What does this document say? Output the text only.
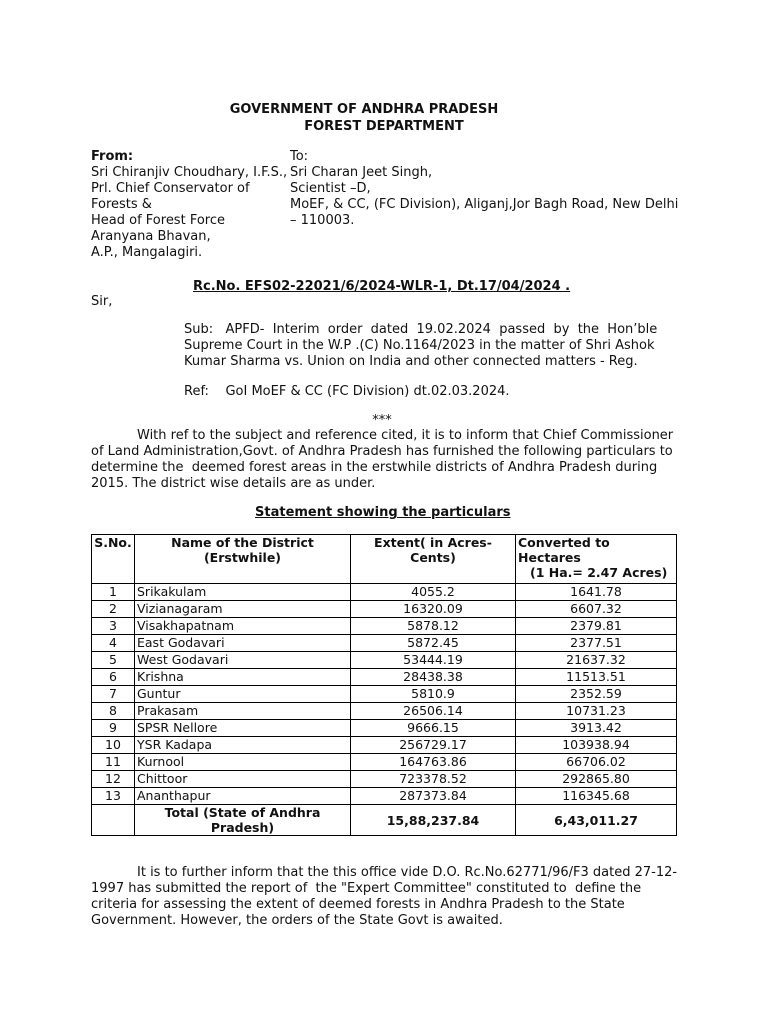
GOVERNMENT OF ANDHRA PRADESH
FOREST DEPARTMENT
From:
Sri Chiranjiv Choudhary, I.F.S.,
Prl. Chief Conservator of
Forests &
Head of Forest Force
Aranyana Bhavan,
A.P., Mangalagiri.
To:
Sri Charan Jeet Singh,
Scientist –D,
MoEF, & CC, (FC Division), Aliganj,Jor Bagh Road, New Delhi
– 110003.
Rc.No. EFS02-22021/6/2024-WLR-1, Dt.17/04/2024 .
Sir,
Sub:   APFD-  Interim  order  dated  19.02.2024  passed  by  the  Hon’ble
Supreme Court in the W.P .(C) No.1164/2023 in the matter of Shri Ashok
Kumar Sharma vs. Union on India and other connected matters - Reg.
Ref:    GoI MoEF & CC (FC Division) dt.02.03.2024.
***
With ref to the subject and reference cited, it is to inform that Chief Commissioner
of Land Administration,Govt. of Andhra Pradesh has furnished the following particulars to
determine the  deemed forest areas in the erstwhile districts of Andhra Pradesh during
2015. The district wise details are as under.
Statement showing the particulars
S.No.	Name of the District (Erstwhile)	Extent( in Acres-Cents)	Converted to Hectares
(1 Ha.= 2.47 Acres)

1	Srikakulam	4055.2	1641.78
2	Vizianagaram	16320.09	6607.32
3	Visakhapatnam	5878.12	2379.81
4	East Godavari	5872.45	2377.51
5	West Godavari	53444.19	21637.32
6	Krishna	28438.38	11513.51
7	Guntur	5810.9	2352.59
8	Prakasam	26506.14	10731.23
9	SPSR Nellore	9666.15	3913.42
10	YSR Kadapa	256729.17	103938.94
11	Kurnool	164763.86	66706.02
12	Chittoor	723378.52	292865.80
13	Ananthapur	287373.84	116345.68
	Total (State of Andhra Pradesh)	15,88,237.84	6,43,011.27
It is to further inform that the this office vide D.O. Rc.No.62771/96/F3 dated 27-12-
1997 has submitted the report of  the "Expert Committee" constituted to  define the
criteria for assessing the extent of deemed forests in Andhra Pradesh to the State
Government. However, the orders of the State Govt is awaited.
